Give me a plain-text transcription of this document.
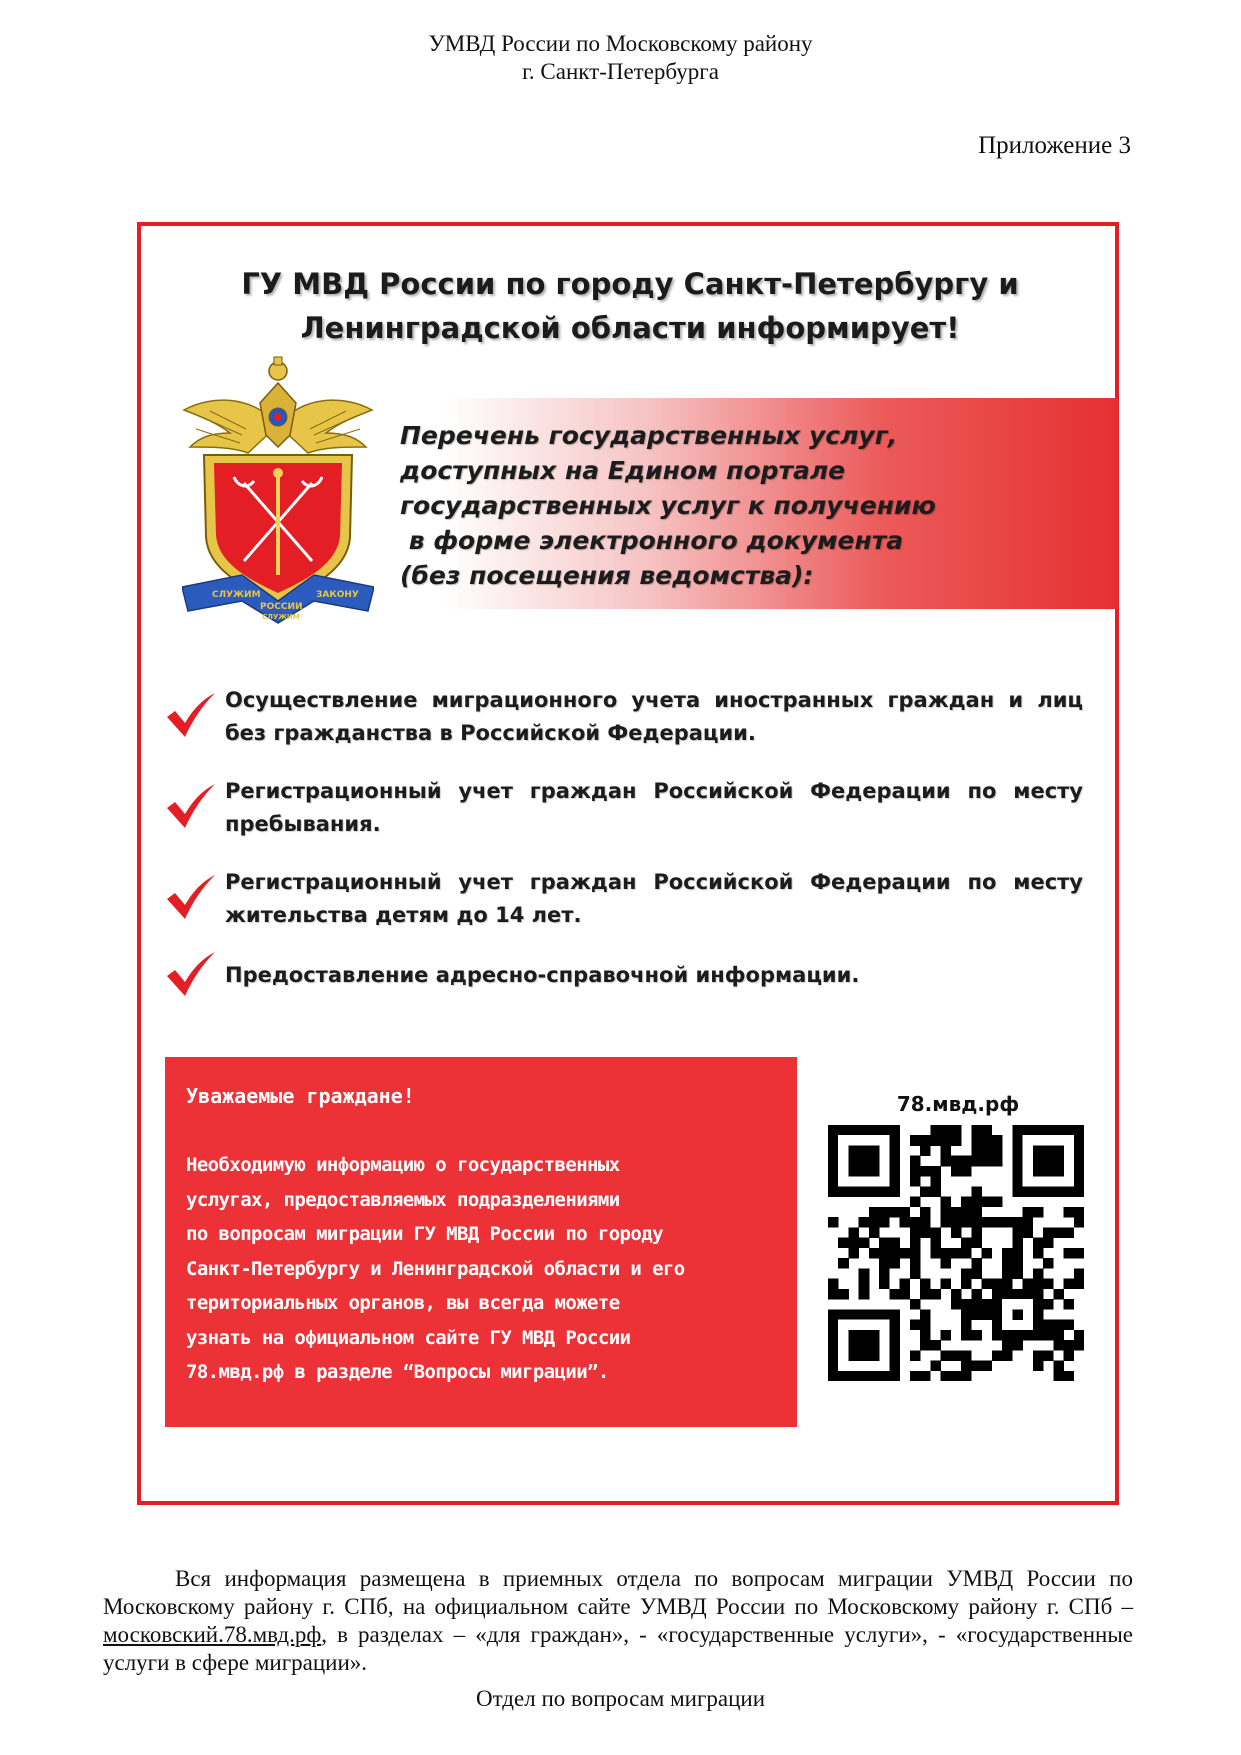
УМВД России по Московскому району
г. Санкт-Петербурга
Приложение 3
ГУ МВД России по городу Санкт-Петербургу и
Ленинградской области информирует!
Перечень государственных услуг,
доступных на Едином портале
государственных услуг к получению
в форме электронного документа
(без посещения ведомства):
СЛУЖИМ
РОССИИ
ЗАКОНУ
СЛУЖИМ
Осуществление миграционного учета иностранных граждан и лиц без гражданства в Российской Федерации.
Регистрационный учет граждан Российской Федерации по месту пребывания.
Регистрационный учет граждан Российской Федерации по месту жительства детям до 14 лет.
Предоставление адресно-справочной информации.
Уважаемые граждане!
Необходимую информацию о государственных
услугах, предоставляемых подразделениями
по вопросам миграции ГУ МВД России по городу
Санкт-Петербургу и Ленинградской области и его
териториальных органов, вы всегда можете
узнать на официальном сайте ГУ МВД России
78.мвд.рф в разделе “Вопросы миграции”.
78.мвд.рф

Вся информация размещена в приемных отдела по вопросам миграции УМВД России по Московскому району г. СПб, на официальном сайте УМВД России по Московскому району г. СПб – московский.78.мвд.рф, в разделах – «для граждан», - «государственные услуги», - «государственные услуги в сфере миграции».

Отдел по вопросам миграции
